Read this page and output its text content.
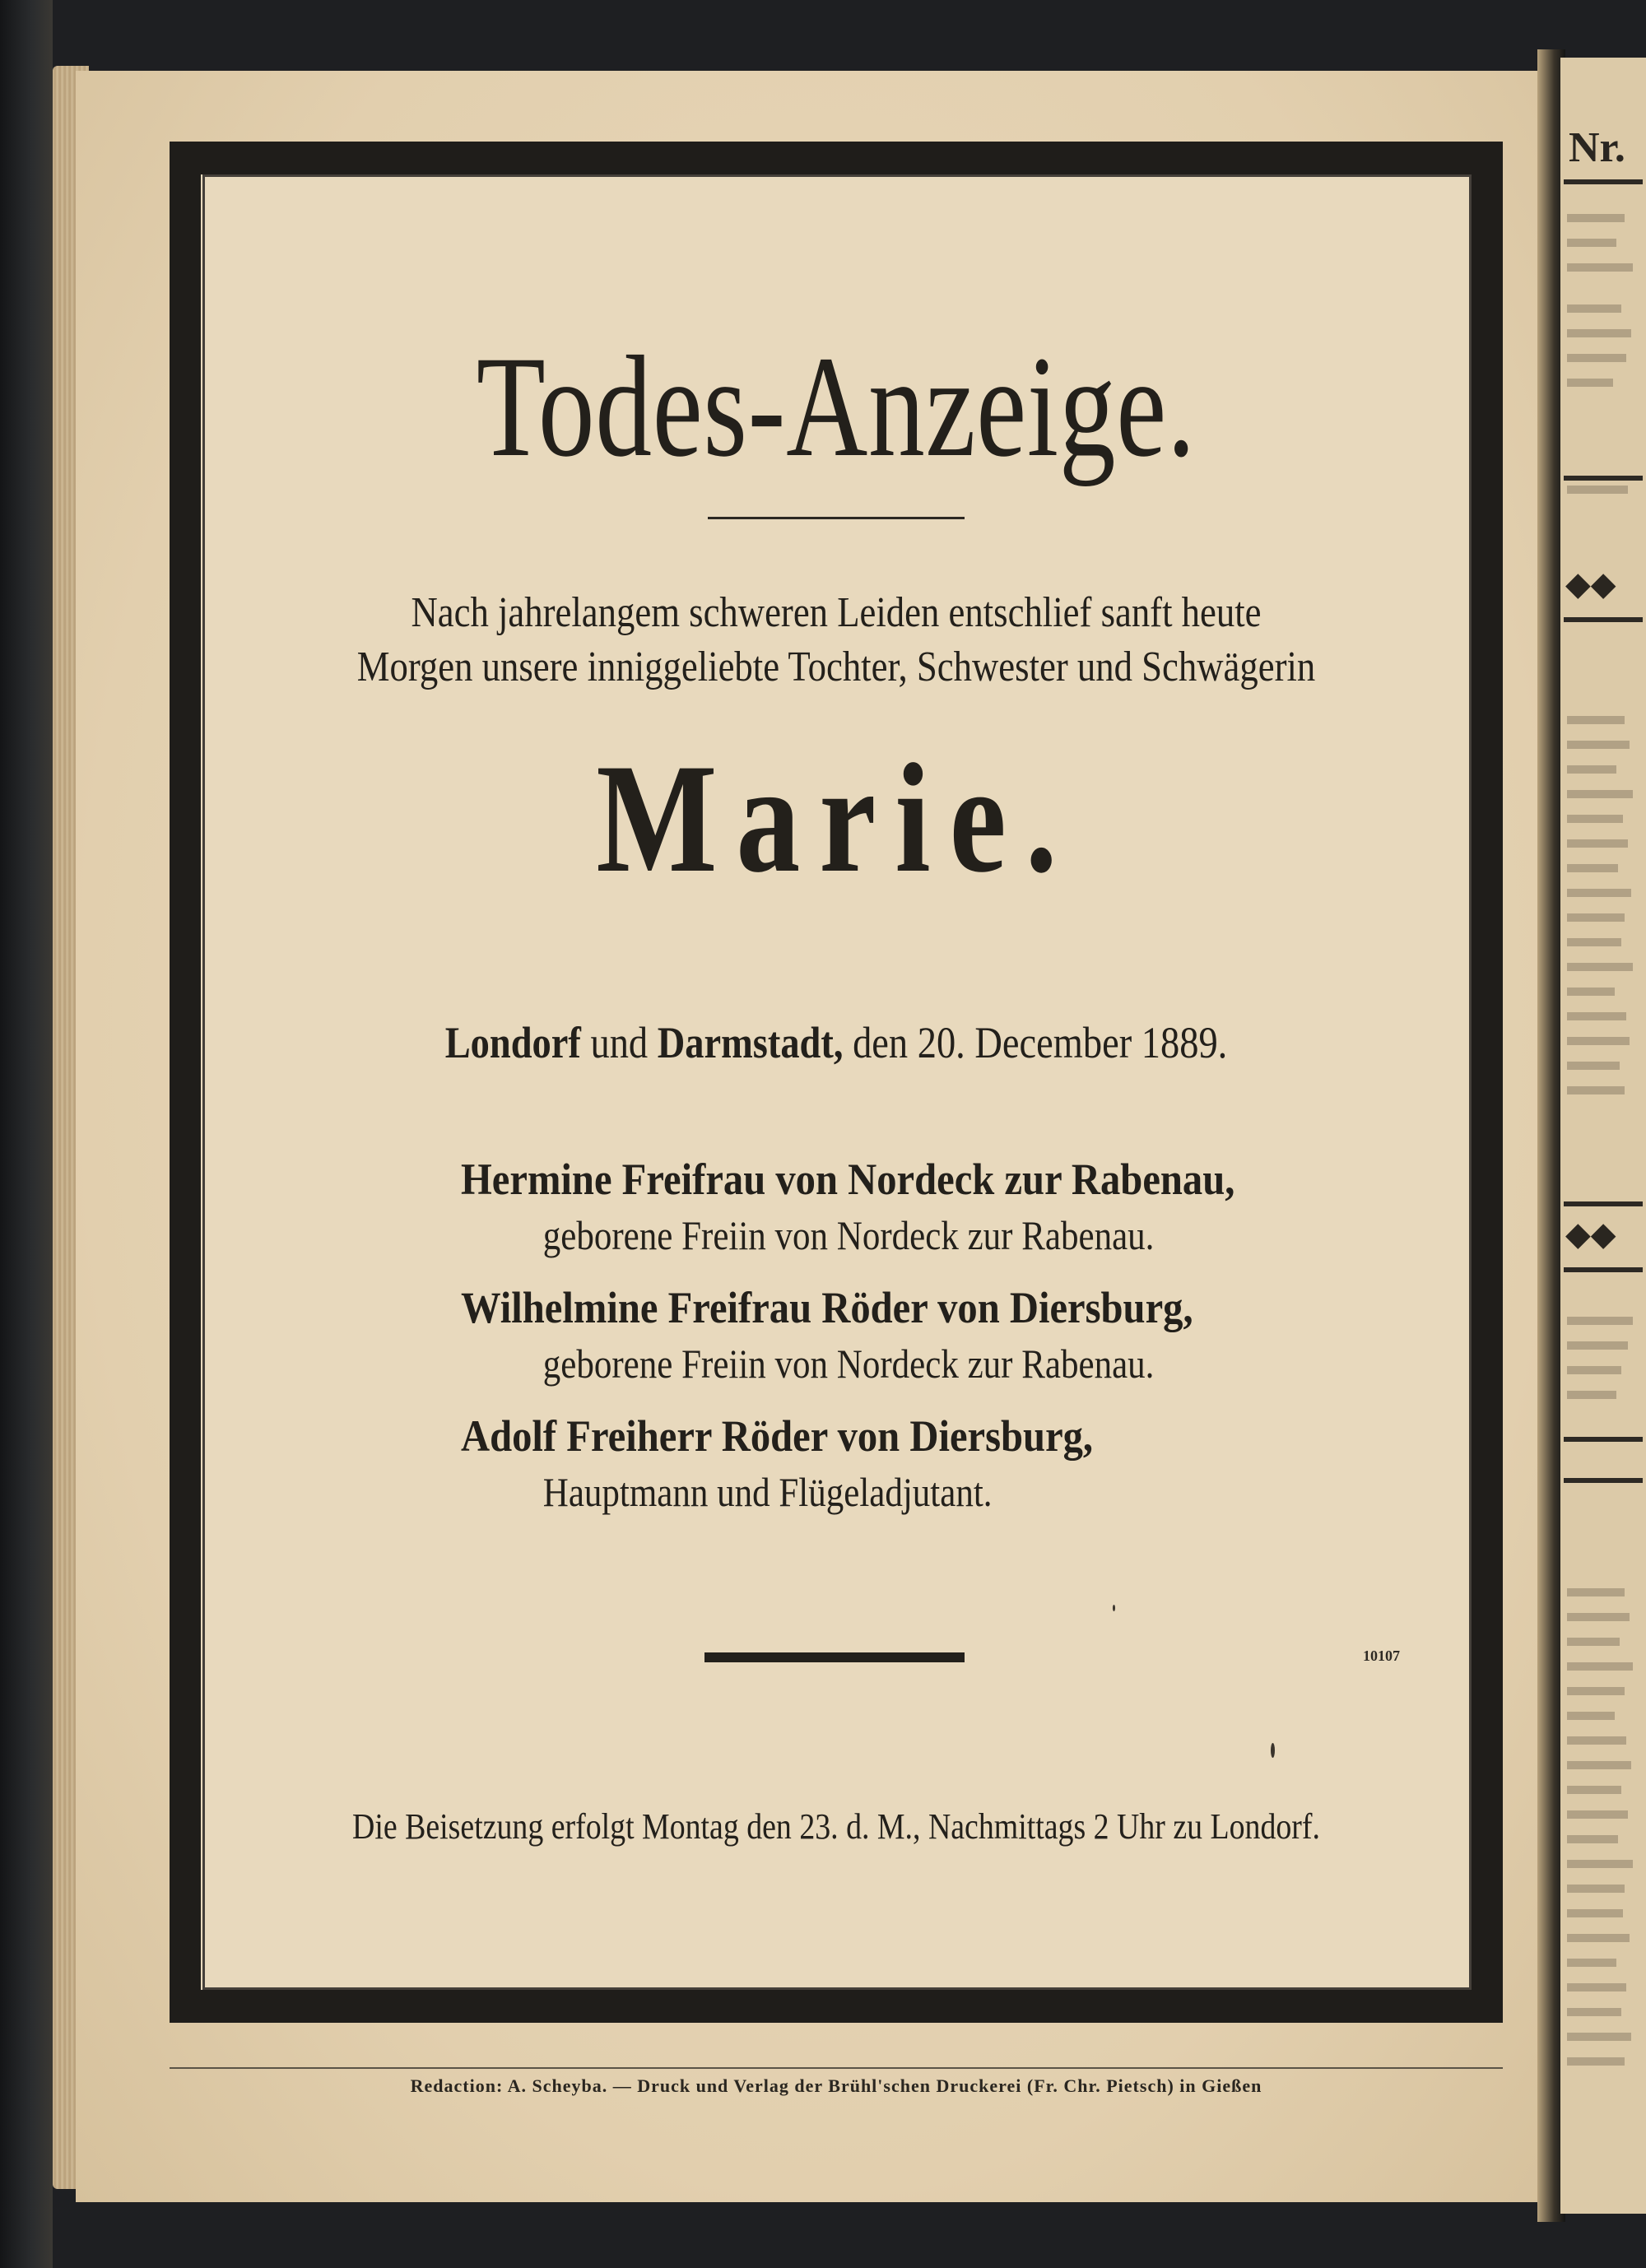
Todes-Anzeige.
Nach jahrelangem schweren Leiden entschlief sanft heute
Morgen unsere inniggeliebte Tochter, Schwester und Schwägerin
Marie.
Londorf und Darmstadt, den 20. December 1889.
Hermine Freifrau von Nordeck zur Rabenau,
geborene Freiin von Nordeck zur Rabenau.
Wilhelmine Freifrau Röder von Diersburg,
geborene Freiin von Nordeck zur Rabenau.
Adolf Freiherr Röder von Diersburg,
Hauptmann und Flügeladjutant.
10107
Die Beisetzung erfolgt Montag den 23. d. M., Nachmittags 2 Uhr zu Londorf.
Redaction: A. Scheyba. — Druck und Verlag der Brühl'schen Druckerei (Fr. Chr. Pietsch) in Gießen
Nr.
◆◆
◆◆
